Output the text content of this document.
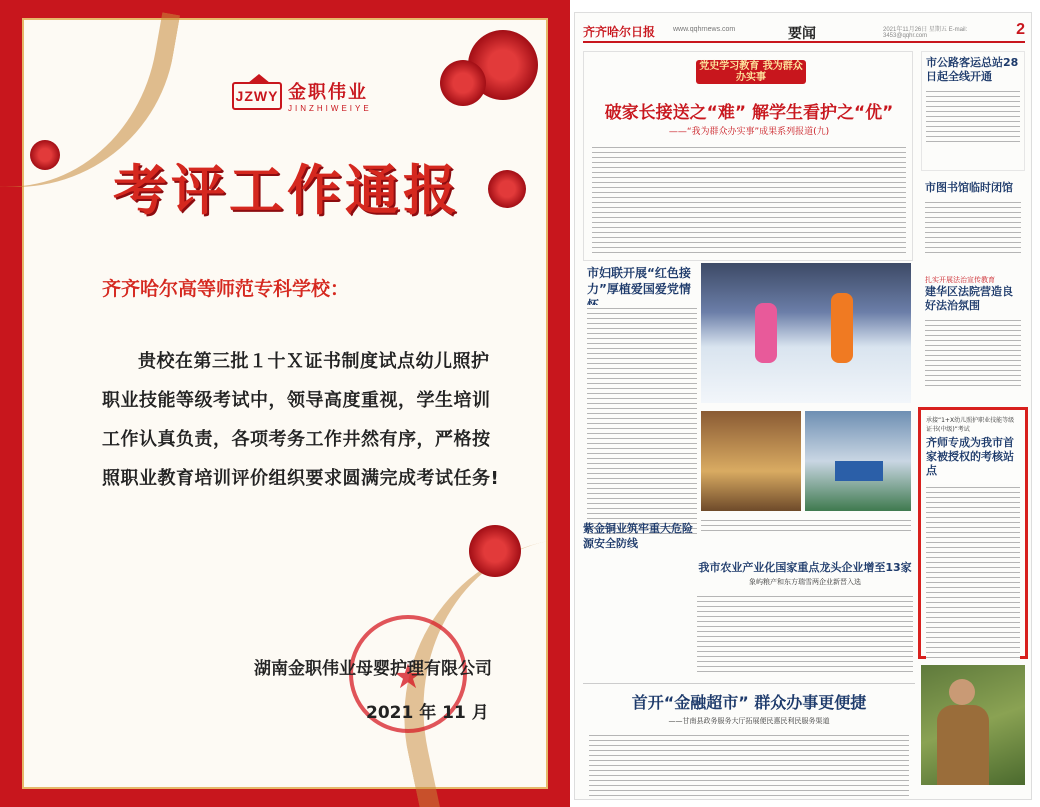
JZWY 金职伟业
JINZHIWEIYE
考评工作通报
齐齐哈尔高等师范专科学校：
贵校在第三批１十Ｘ证书制度试点幼儿照护职业技能等级考试中，领导高度重视，学生培训工作认真负责，各项考务工作井然有序，严格按照职业教育培训评价组织要求圆满完成考试任务!
★
湖南金职伟业母婴护理有限公司
2021 年 11 月
齐齐哈尔日报	www.qqhrnews.com	要闻	2021年11月26日 星期五 E-mail: 3453@qqhr.com	2
党史学习教育 我为群众办实事
破家长接送之“难” 解学生看护之“优”
——“我为群众办实事”成果系列报道(九)
市公路客运总站28日起全线开通
市图书馆临时闭馆
扎实开展法治宣传教育
建华区法院营造良好法治氛围
承接“1+X幼儿照护职业技能等级证书(中级)”考试
齐师专成为我市首家被授权的考核站点
市妇联开展“红色接力”厚植爱国爱党情
紫金铜业筑牢重大危险源安全防线
我市农业产业化国家重点龙头企业增至13家
象屿粮产和东方瑞雪两企业新晋入选
首开“金融超市” 群众办事更便捷
——甘南县政务服务大厅拓展便民惠民利民服务渠道
